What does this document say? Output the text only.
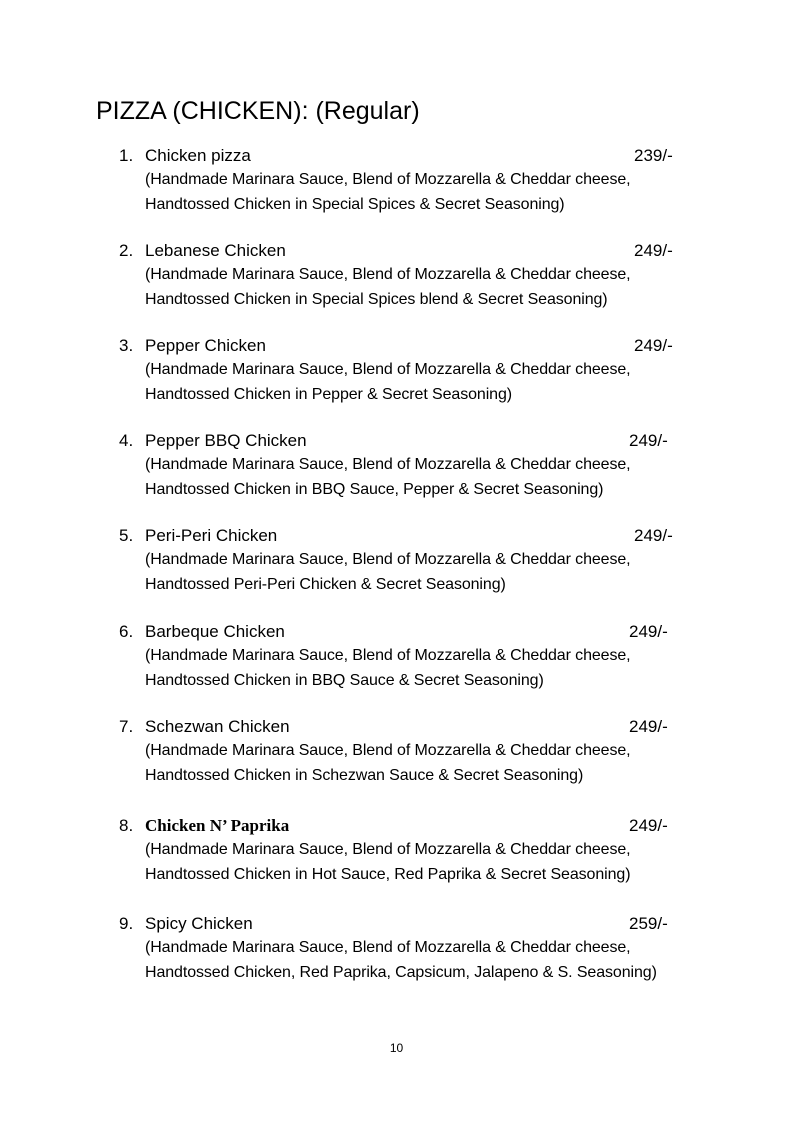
PIZZA (CHICKEN): (Regular)
1. Chicken pizza	239/-
(Handmade Marinara Sauce, Blend of Mozzarella & Cheddar cheese,
Handtossed Chicken in Special Spices & Secret Seasoning)
2. Lebanese Chicken	249/-
(Handmade Marinara Sauce, Blend of Mozzarella & Cheddar cheese,
Handtossed Chicken in Special Spices blend & Secret Seasoning)
3. Pepper Chicken	249/-
(Handmade Marinara Sauce, Blend of Mozzarella & Cheddar cheese,
Handtossed Chicken in Pepper & Secret Seasoning)
4. Pepper BBQ Chicken	249/-
(Handmade Marinara Sauce, Blend of Mozzarella & Cheddar cheese,
Handtossed Chicken in BBQ Sauce, Pepper & Secret Seasoning)
5. Peri-Peri Chicken	249/-
(Handmade Marinara Sauce, Blend of Mozzarella & Cheddar cheese,
Handtossed Peri-Peri Chicken & Secret Seasoning)
6. Barbeque Chicken	249/-
(Handmade Marinara Sauce, Blend of Mozzarella & Cheddar cheese,
Handtossed Chicken in BBQ Sauce & Secret Seasoning)
7. Schezwan Chicken	249/-
(Handmade Marinara Sauce, Blend of Mozzarella & Cheddar cheese,
Handtossed Chicken in Schezwan Sauce & Secret Seasoning)
8. Chicken N’ Paprika	249/-
(Handmade Marinara Sauce, Blend of Mozzarella & Cheddar cheese,
Handtossed Chicken in Hot Sauce, Red Paprika & Secret Seasoning)
9. Spicy Chicken	259/-
(Handmade Marinara Sauce, Blend of Mozzarella & Cheddar cheese,
Handtossed Chicken, Red Paprika, Capsicum, Jalapeno & S. Seasoning)
10
